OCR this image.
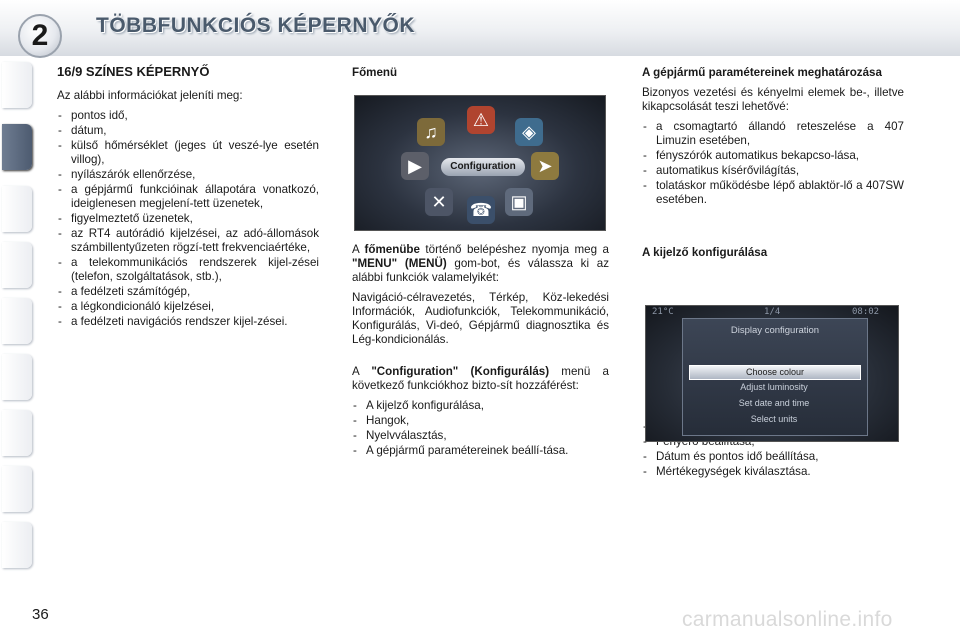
2	TÖBBFUNKCIÓS KÉPERNYŐK
16/9 SZÍNES KÉPERNYŐ

Az alábbi információkat jeleníti meg:

- pontos idő,
- dátum,
- külső hőmérséklet (jeges út veszé-lye esetén villog),
- nyílászárók ellenőrzése,
- a gépjármű funkcióinak állapotára vonatkozó, ideiglenesen megjelení-tett üzenetek,
- figyelmeztető üzenetek,
- az RT4 autórádió kijelzései, az adó-állomások számbillentyűzeten rögzí-tett frekvenciaértéke,
- a telekommunikációs rendszerek kijel-zései (telefon, szolgáltatások, stb.),
- a fedélzeti számítógép,
- a légkondicionáló kijelzései,
- a fedélzeti navigációs rendszer kijel-zései.
Főmenü

A főmenübe történő belépéshez nyomja meg a "MENU" (MENÜ) gom-bot, és válassza ki az alábbi funkciók valamelyikét:

Navigáció-célravezetés, Térkép, Köz-lekedési Információk, Audiofunkciók, Telekommunikáció, Konfigurálás, Vi-deó, Gépjármű diagnosztika és Lég-kondicionálás.

A "Configuration" (Konfigurálás) menü a következő funkciókhoz bizto-sít hozzáférést:

- A kijelző konfigurálása,
- Hangok,
- Nyelvválasztás,
- A gépjármű paramétereinek beállí-tása.
⚠
♫	◈
▶	➤
✕	▣
☎
Configuration
A gépjármű paramétereinek meghatározása

Bizonyos vezetési és kényelmi elemek be-, illetve kikapcsolását teszi lehetővé:

- a csomagtartó állandó reteszelése a 407 Limuzin esetében,
- fényszórók automatikus bekapcso-lása,
- automatikus kísérővilágítás,
- tolatáskor működésbe lépő ablaktör-lő a 407SW esetében.
A kijelző konfigurálása
-
-
- Dátum és pontos idő beállítása,
- Mértékegységek kiválasztása.
21°C	1/4	08:02
Display configuration
Choose colour
Adjust luminosity
Set date and time
Select units
36	carmanualsonline.info
